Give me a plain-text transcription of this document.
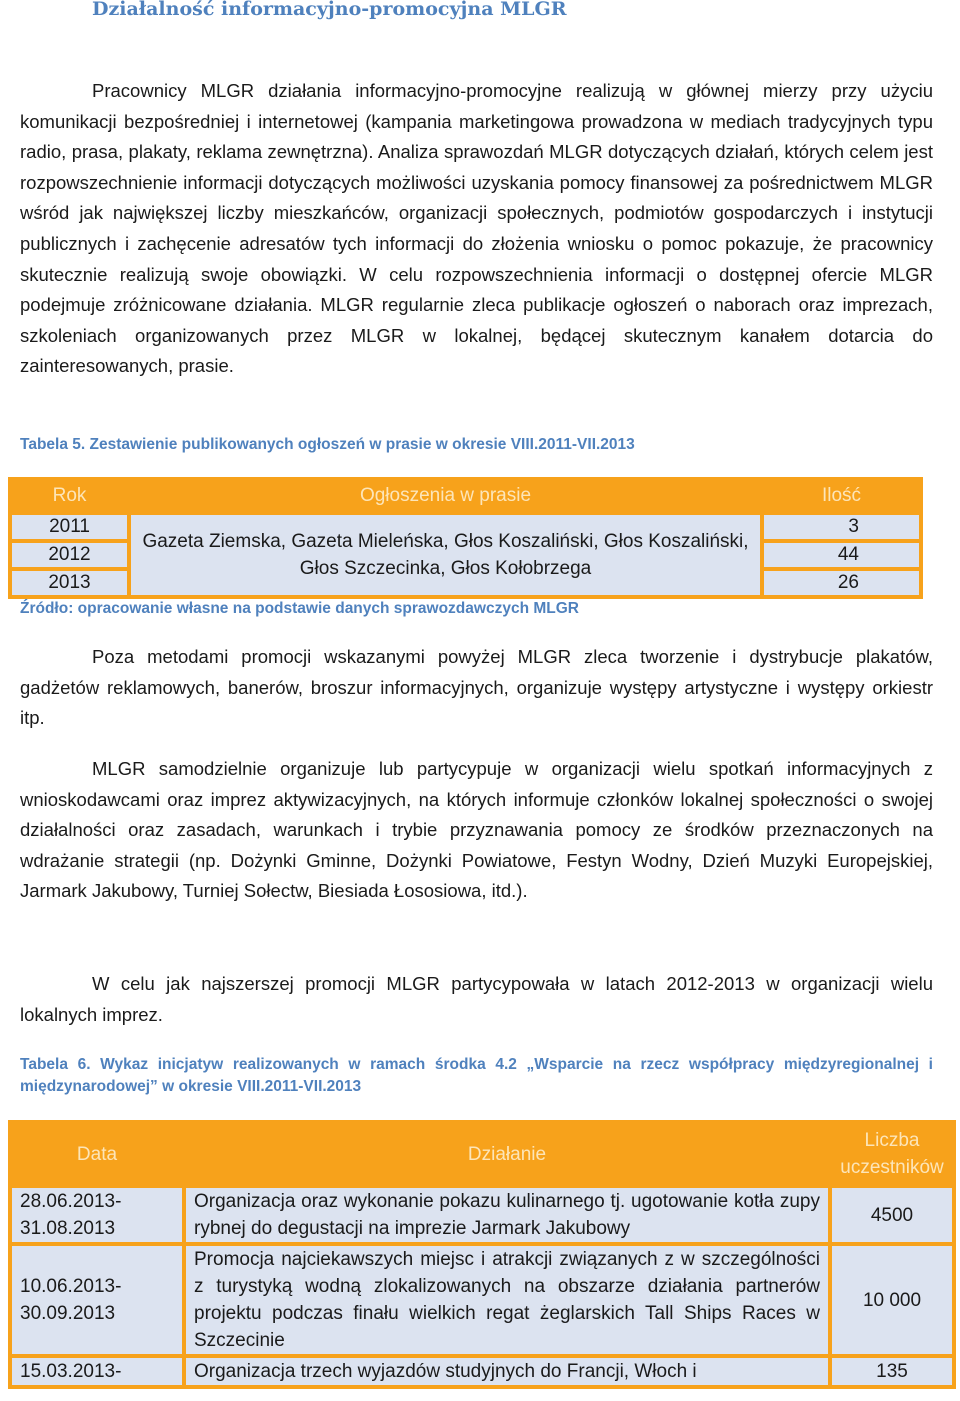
Działalność informacyjno-promocyjna MLGR

Pracownicy MLGR działania informacyjno-promocyjne realizują w głównej mierzy przy użyciu komunikacji bezpośredniej i internetowej (kampania marketingowa prowadzona w mediach tradycyjnych typu radio, prasa, plakaty, reklama zewnętrzna). Analiza sprawozdań MLGR dotyczących działań, których celem jest rozpowszechnienie informacji dotyczących możliwości uzyskania pomocy finansowej za pośrednictwem MLGR wśród jak największej liczby mieszkańców, organizacji społecznych, podmiotów gospodarczych i instytucji publicznych i zachęcenie adresatów tych informacji do złożenia wniosku o pomoc pokazuje, że pracownicy skutecznie realizują swoje obowiązki. W celu rozpowszechnienia informacji o dostępnej ofercie MLGR podejmuje zróżnicowane działania. MLGR regularnie zleca publikacje ogłoszeń o naborach oraz imprezach, szkoleniach organizowanych przez MLGR w lokalnej, będącej skutecznym kanałem dotarcia do zainteresowanych, prasie.

Tabela 5. Zestawienie publikowanych ogłoszeń w prasie w okresie VIII.2011-VII.2013

Rok	Ogłoszenia w prasie	Ilość
2011	Gazeta Ziemska, Gazeta Mieleńska, Głos Koszaliński, Głos Koszaliński, Głos Szczecinka, Głos Kołobrzega	3
2012		44
2013		26

Źródło: opracowanie własne na podstawie danych sprawozdawczych MLGR

Poza metodami promocji wskazanymi powyżej MLGR zleca tworzenie i dystrybucje plakatów, gadżetów reklamowych, banerów, broszur informacyjnych, organizuje występy artystyczne i występy orkiestr itp.

MLGR samodzielnie organizuje lub partycypuje w organizacji wielu spotkań informacyjnych z wnioskodawcami oraz imprez aktywizacyjnych, na których informuje członków lokalnej społeczności o swojej działalności oraz zasadach, warunkach i trybie przyznawania pomocy ze środków przeznaczonych na wdrażanie strategii (np. Dożynki Gminne, Dożynki Powiatowe, Festyn Wodny, Dzień Muzyki Europejskiej, Jarmark Jakubowy, Turniej Sołectw, Biesiada Łososiowa, itd.).

W celu jak najszerszej promocji MLGR partycypowała w latach 2012-2013 w organizacji wielu lokalnych imprez.

Tabela 6. Wykaz inicjatyw realizowanych w ramach środka 4.2 „Wsparcie na rzecz współpracy międzyregionalnej i międzynarodowej” w okresie VIII.2011-VII.2013

Data	Działanie	Liczba uczestników
28.06.2013-31.08.2013	Organizacja oraz wykonanie pokazu kulinarnego tj. ugotowanie kotła zupy rybnej do degustacji na imprezie Jarmark Jakubowy	4500
10.06.2013-30.09.2013	Promocja najciekawszych miejsc i atrakcji związanych z w szczególności z turystyką wodną zlokalizowanych na obszarze działania partnerów projektu podczas finału wielkich regat żeglarskich Tall Ships Races w Szczecinie	10 000
15.03.2013-	Organizacja trzech wyjazdów studyjnych do Francji, Włoch i	135
